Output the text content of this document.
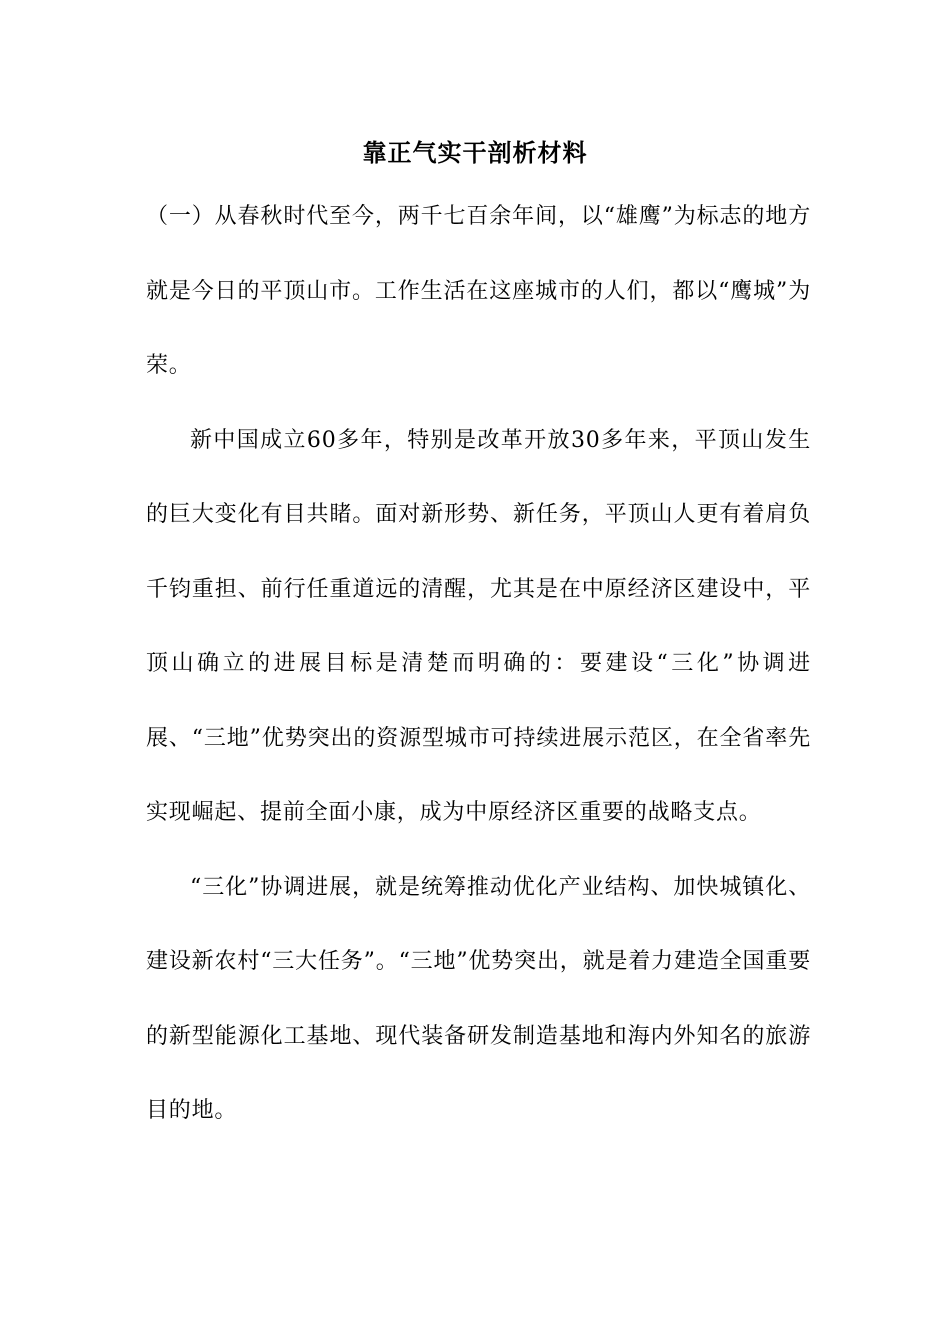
靠正气实干剖析材料

（一）从春秋时代至今，两千七百余年间，以“雄鹰”为标志的地方就是今日的平顶山市。工作生活在这座城市的人们，都以“鹰城”为荣。

新中国成立60多年，特别是改革开放30多年来，平顶山发生的巨大变化有目共睹。面对新形势、新任务，平顶山人更有着肩负千钧重担、前行任重道远的清醒，尤其是在中原经济区建设中，平顶山确立的进展目标是清楚而明确的：要建设“三化”协调进展、“三地”优势突出的资源型城市可持续进展示范区，在全省率先实现崛起、提前全面小康，成为中原经济区重要的战略支点。

“三化”协调进展，就是统筹推动优化产业结构、加快城镇化、建设新农村“三大任务”。“三地”优势突出，就是着力建造全国重要的新型能源化工基地、现代装备研发制造基地和海内外知名的旅游目的地。
